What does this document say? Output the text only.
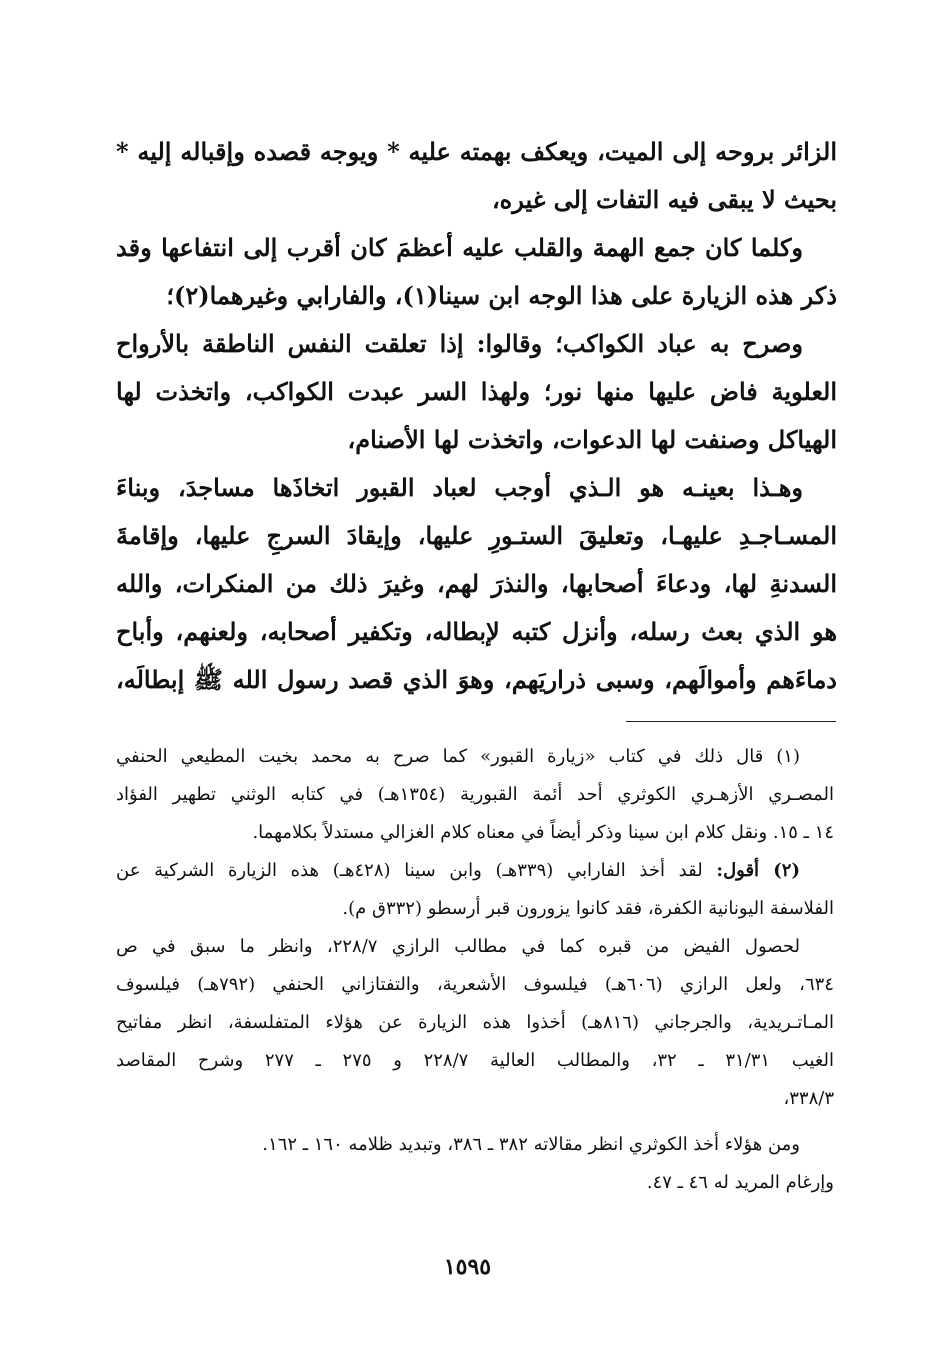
الزائر بروحه إلى الميت، ويعكف بهمته عليه * ويوجه قصده وإقباله إليه *
بحيث لا يبقى فيه التفات إلى غيره،
وكلما كان جمع الهمة والقلب عليه أعظمَ كان أقرب إلى انتفاعها وقد
ذكر هذه الزيارة على هذا الوجه ابن سينا(١)، والفارابي وغيرهما(٢)؛
وصرح به عباد الكواكب؛ وقالوا: إذا تعلقت النفس الناطقة بالأرواح
العلوية فاض عليها منها نور؛ ولهذا السر عبدت الكواكب، واتخذت لها
الهياكل وصنفت لها الدعوات، واتخذت لها الأصنام،
وهـذا بعينـه هو الـذي أوجب لعباد القبور اتخاذَها مساجدَ، وبناءَ
المسـاجـدِ عليهـا، وتعليقَ الستـورِ عليها، وإيقادَ السرجِ عليها، وإقامةَ
السدنةِ لها، ودعاءَ أصحابها، والنذرَ لهم، وغيرَ ذلك من المنكرات، والله
هو الذي بعث رسله، وأنزل كتبه لإبطاله، وتكفير أصحابه، ولعنهم، وأباح
دماءَهم وأموالَهم، وسبى ذراريَهم، وهوَ الذي قصد رسول الله ﷺ إبطالَه،
(١) قال ذلك في كتاب «زيارة القبور» كما صرح به محمد بخيت المطيعي الحنفي
المصـري الأزهـري الكوثري أحد أئمة القبورية (١٣٥٤هـ) في كتابه الوثني تطهير الفؤاد
١٤ ـ ١٥. ونقل كلام ابن سينا وذكر أيضاً في معناه كلام الغزالي مستدلاً بكلامهما.
(٢) أقول: لقد أخذ الفارابي (٣٣٩هـ) وابن سينا (٤٢٨هـ) هذه الزيارة الشركية عن
الفلاسفة اليونانية الكفرة، فقد كانوا يزورون قبر أرسطو (٣٣٢ق م).
لحصول الفيض من قبره كما في مطالب الرازي ٢٢٨/٧، وانظر ما سبق في ص
٦٣٤، ولعل الرازي (٦٠٦هـ) فيلسوف الأشعرية، والتفتازاني الحنفي (٧٩٢هـ) فيلسوف
المـاتـريدية، والجرجاني (٨١٦هـ) أخذوا هذه الزيارة عن هؤلاء المتفلسفة، انظر مفاتيح
الغيب ٣١/٣١ ـ ٣٢، والمطالب العالية ٢٢٨/٧ و ٢٧٥ ـ ٢٧٧ وشرح المقاصد
٣٣٨/٣،
ومن هؤلاء أخذ الكوثري انظر مقالاته ٣٨٢ ـ ٣٨٦، وتبديد ظلامه ١٦٠ ـ ١٦٢.
وإرغام المريد له ٤٦ ـ ٤٧.
١٥٩٥
